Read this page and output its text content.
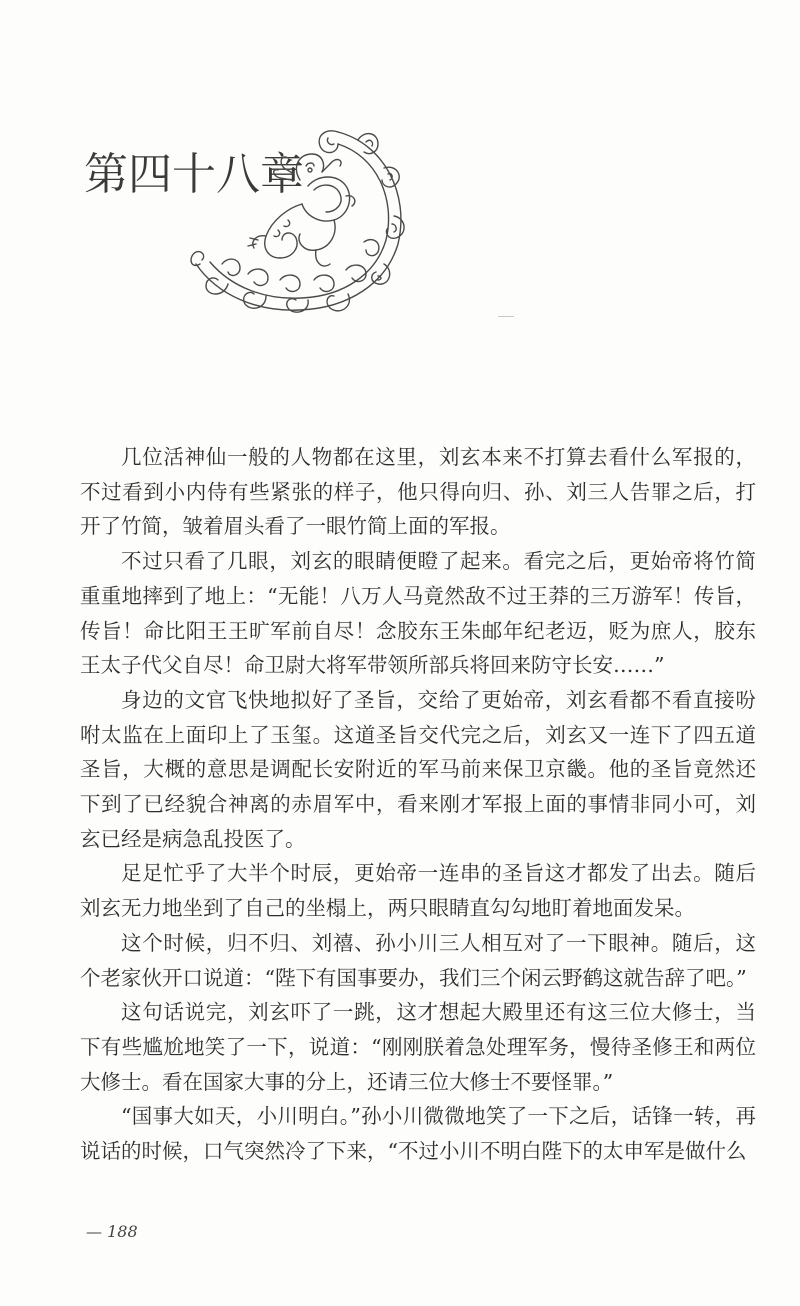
第四十八章

几位活神仙一般的人物都在这里，刘玄本来不打算去看什么军报的，不过看到小内侍有些紧张的样子，他只得向归、孙、刘三人告罪之后，打开了竹简，皱着眉头看了一眼竹简上面的军报。

不过只看了几眼，刘玄的眼睛便瞪了起来。看完之后，更始帝将竹简重重地摔到了地上：“无能！八万人马竟然敌不过王莽的三万游军！传旨，传旨！命比阳王王旷军前自尽！念胶东王朱邮年纪老迈，贬为庶人，胶东王太子代父自尽！命卫尉大将军带领所部兵将回来防守长安……”

身边的文官飞快地拟好了圣旨，交给了更始帝，刘玄看都不看直接吩咐太监在上面印上了玉玺。这道圣旨交代完之后，刘玄又一连下了四五道圣旨，大概的意思是调配长安附近的军马前来保卫京畿。他的圣旨竟然还下到了已经貌合神离的赤眉军中，看来刚才军报上面的事情非同小可，刘玄已经是病急乱投医了。

足足忙乎了大半个时辰，更始帝一连串的圣旨这才都发了出去。随后刘玄无力地坐到了自己的坐榻上，两只眼睛直勾勾地盯着地面发呆。

这个时候，归不归、刘禧、孙小川三人相互对了一下眼神。随后，这个老家伙开口说道：“陛下有国事要办，我们三个闲云野鹤这就告辞了吧。”

这句话说完，刘玄吓了一跳，这才想起大殿里还有这三位大修士，当下有些尴尬地笑了一下，说道：“刚刚朕着急处理军务，慢待圣修王和两位大修士。看在国家大事的分上，还请三位大修士不要怪罪。”

“国事大如天，小川明白。”孙小川微微地笑了一下之后，话锋一转，再说话的时候，口气突然冷了下来，“不过小川不明白陛下的太申军是做什么

— 188
